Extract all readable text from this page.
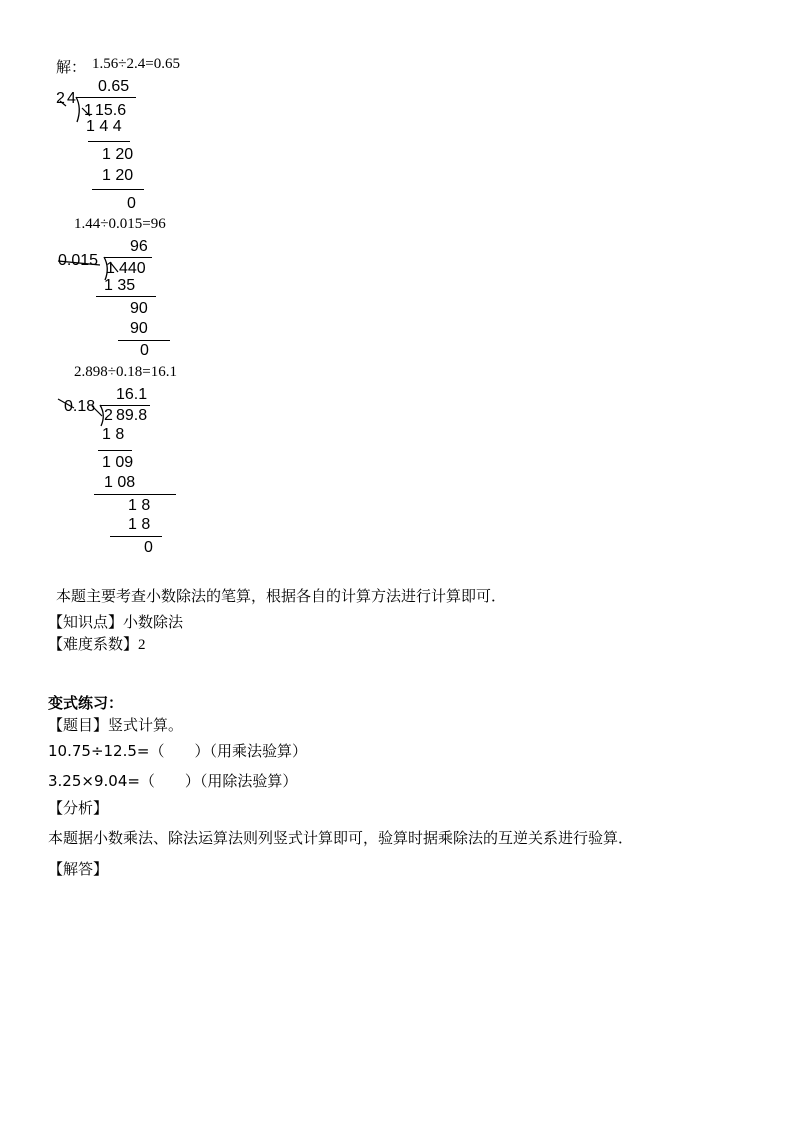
解： 1.56÷2.4=0.65
0.65
2 4
1 15.6
1 4 4
1 20
1 20
0
1.44÷0.015=96
96
0.015 1 440
1 35
90
90
0
2.898÷0.18=16.1
16.1
0.18
2 89.8
1 8
1 09
1 08
1 8
1 8
0
本题主要考查小数除法的笔算，根据各自的计算方法进行计算即可．
【知识点】小数除法
【难度系数】2
变式练习：
【题目】竖式计算。
10.75÷12.5=（　　）（用乘法验算）
3.25×9.04=（　　）（用除法验算）
【分析】
本题据小数乘法、除法运算法则列竖式计算即可，验算时据乘除法的互逆关系进行验算．
【解答】
